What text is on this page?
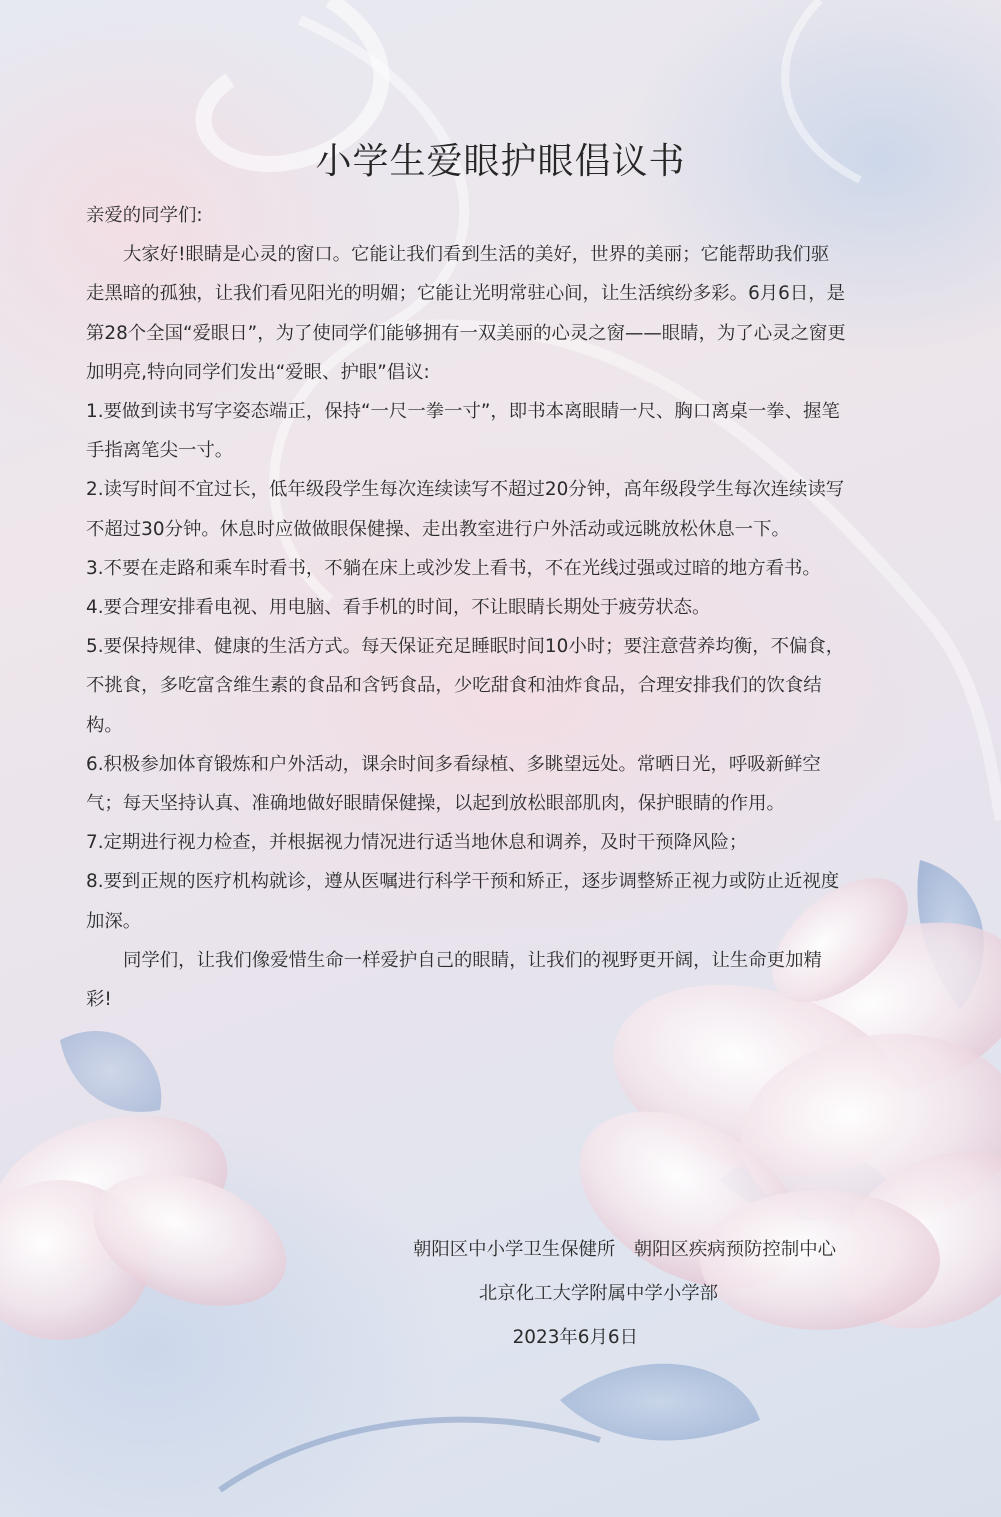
小学生爱眼护眼倡议书

亲爱的同学们:

大家好!眼睛是心灵的窗口。它能让我们看到生活的美好，世界的美丽；它能帮助我们驱走黑暗的孤独，让我们看见阳光的明媚；它能让光明常驻心间，让生活缤纷多彩。6月6日，是第28个全国“爱眼日”，为了使同学们能够拥有一双美丽的心灵之窗——眼睛，为了心灵之窗更加明亮,特向同学们发出“爱眼、护眼”倡议:

1.要做到读书写字姿态端正，保持“一尺一拳一寸”，即书本离眼睛一尺、胸口离桌一拳、握笔手指离笔尖一寸。

2.读写时间不宜过长，低年级段学生每次连续读写不超过20分钟，高年级段学生每次连续读写不超过30分钟。休息时应做做眼保健操、走出教室进行户外活动或远眺放松休息一下。

3.不要在走路和乘车时看书，不躺在床上或沙发上看书，不在光线过强或过暗的地方看书。

4.要合理安排看电视、用电脑、看手机的时间，不让眼睛长期处于疲劳状态。

5.要保持规律、健康的生活方式。每天保证充足睡眠时间10小时；要注意营养均衡，不偏食，不挑食，多吃富含维生素的食品和含钙食品，少吃甜食和油炸食品，合理安排我们的饮食结构。

6.积极参加体育锻炼和户外活动，课余时间多看绿植、多眺望远处。常晒日光，呼吸新鲜空气；每天坚持认真、准确地做好眼睛保健操，以起到放松眼部肌肉，保护眼睛的作用。

7.定期进行视力检查，并根据视力情况进行适当地休息和调养，及时干预降风险；

8.要到正规的医疗机构就诊，遵从医嘱进行科学干预和矫正，逐步调整矫正视力或防止近视度加深。

同学们，让我们像爱惜生命一样爱护自己的眼睛，让我们的视野更开阔，让生命更加精彩!

朝阳区中小学卫生保健所　朝阳区疾病预防控制中心
北京化工大学附属中学小学部
2023年6月6日
